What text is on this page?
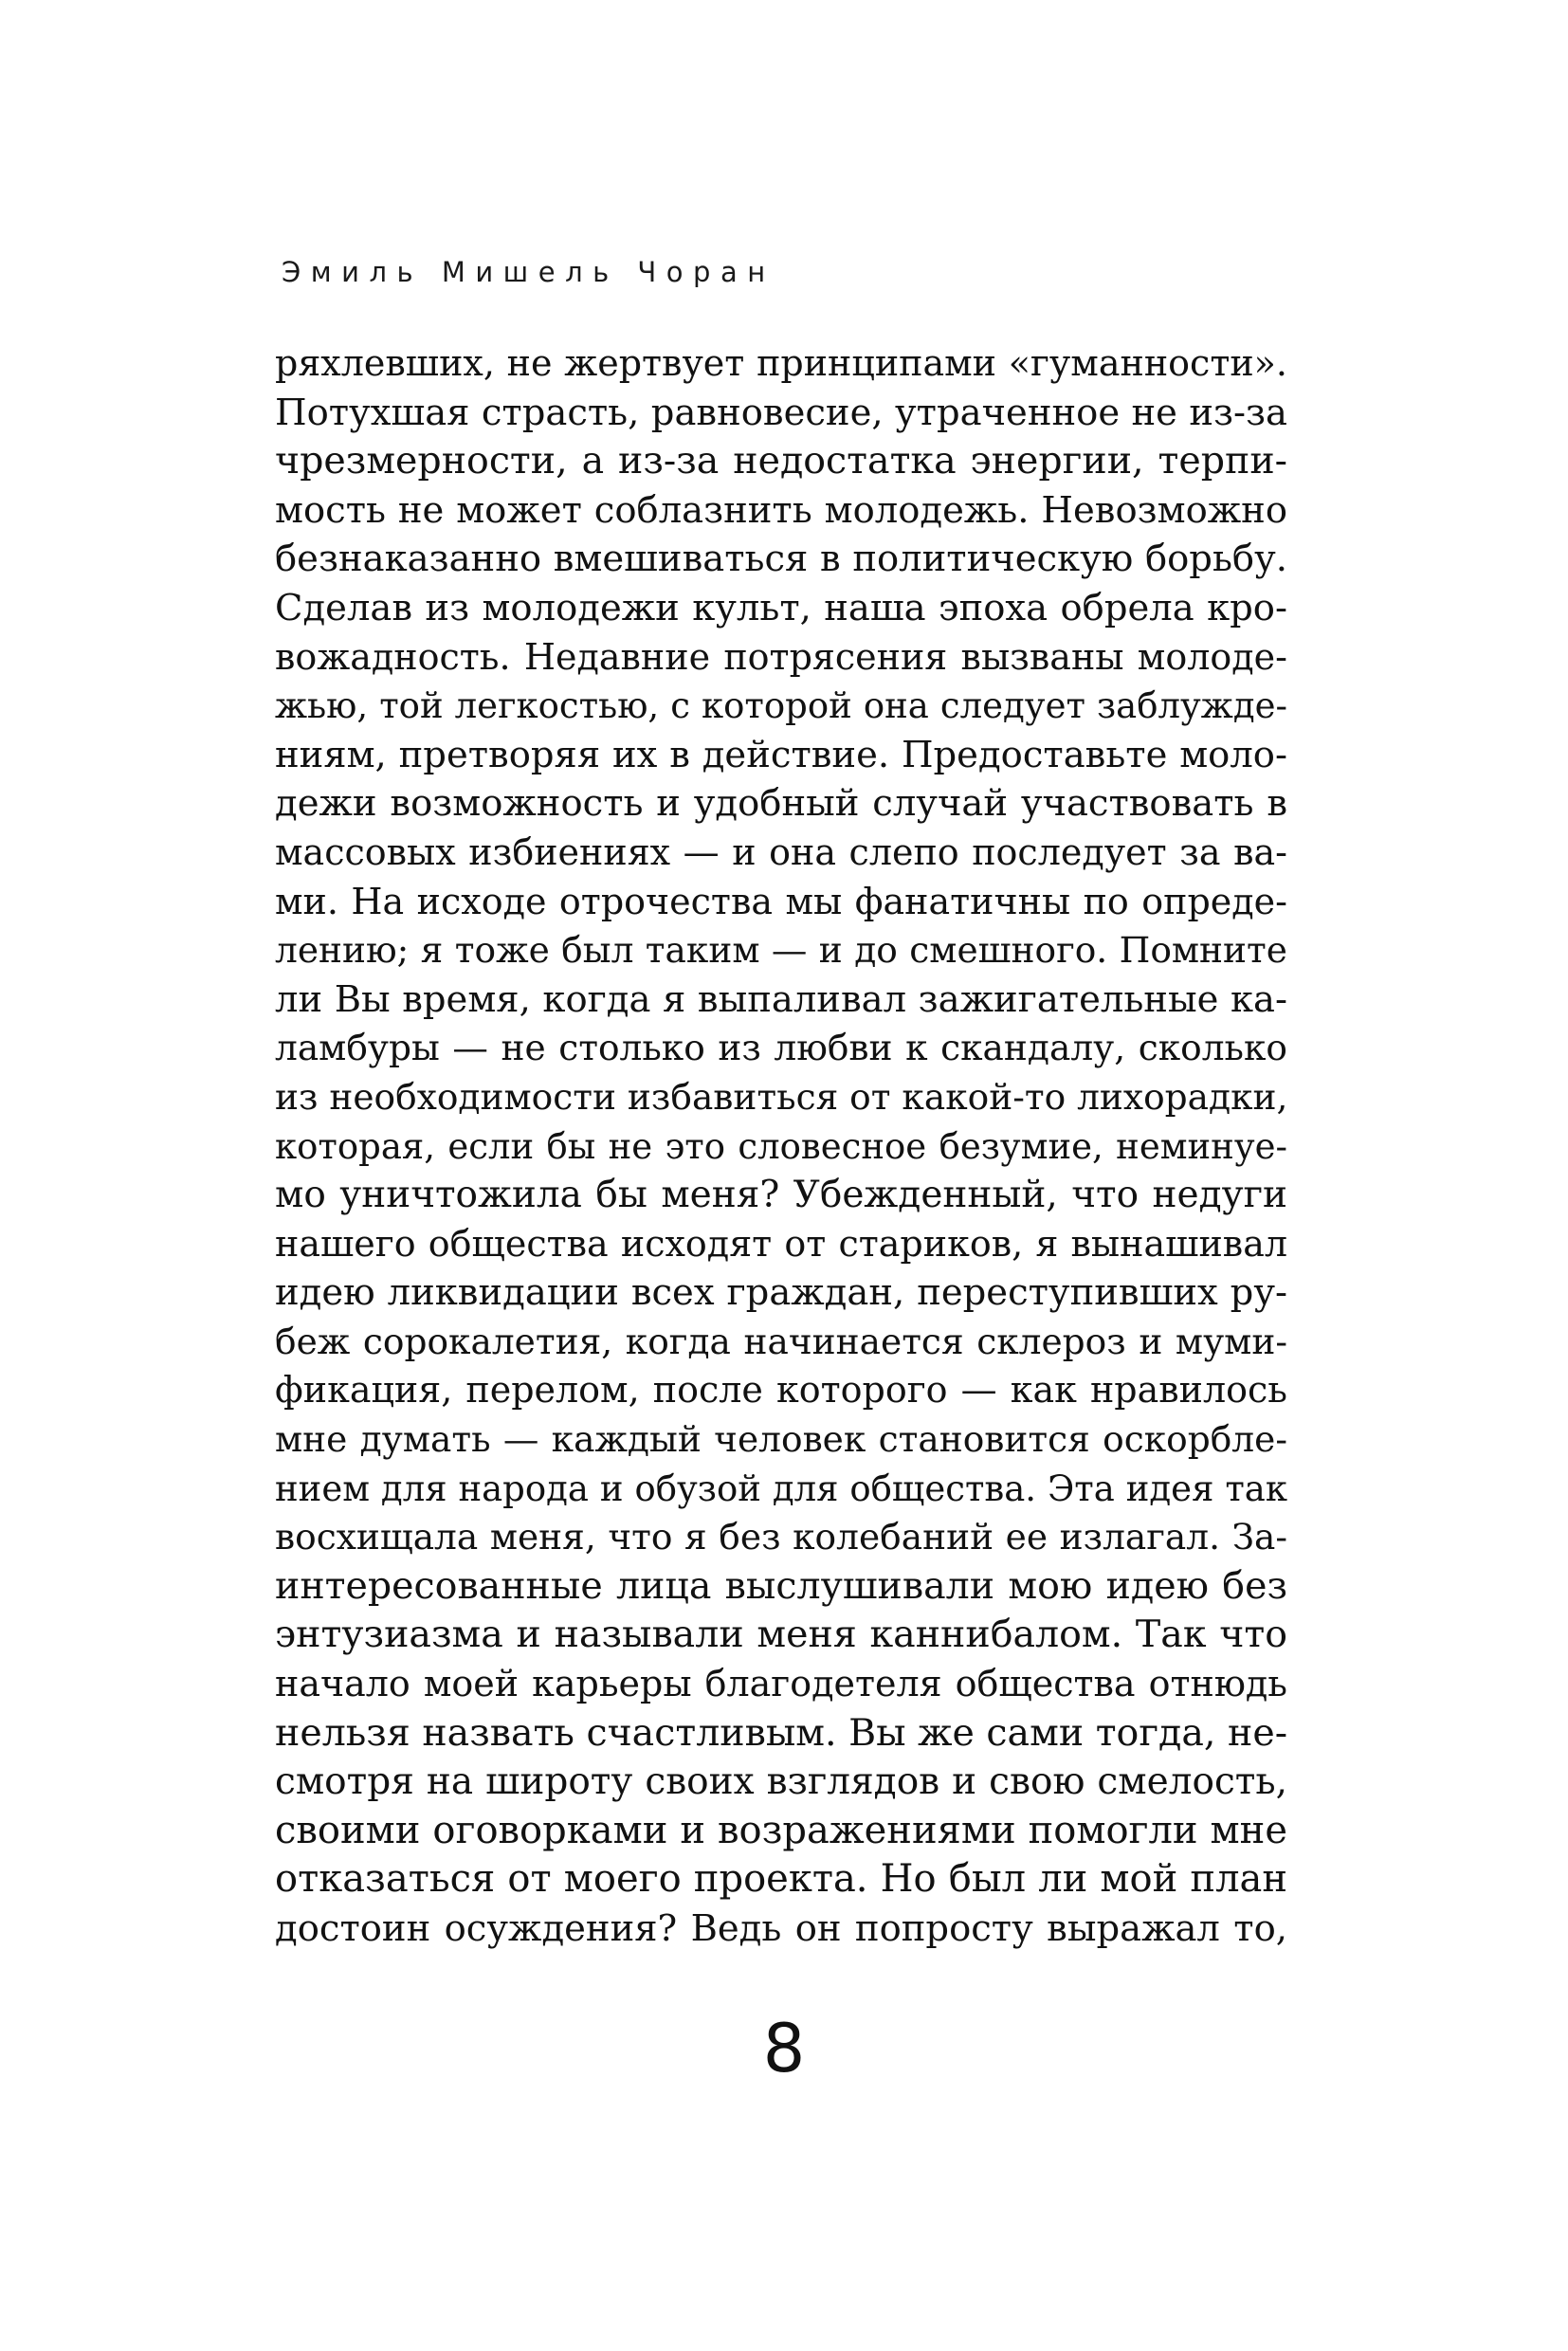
Эмиль Мишель Чоран
ряхлевших, не жертвует принципами «гуманности».
Потухшая страсть, равновесие, утраченное не из-за
чрезмерности, а из-за недостатка энергии, терпи-
мость не может соблазнить молодежь. Невозможно
безнаказанно вмешиваться в политическую борьбу.
Сделав из молодежи культ, наша эпоха обрела кро-
вожадность. Недавние потрясения вызваны молоде-
жью, той легкостью, с которой она следует заблужде-
ниям, претворяя их в действие. Предоставьте моло-
дежи возможность и удобный случай участвовать в
массовых избиениях — и она слепо последует за ва-
ми. На исходе отрочества мы фанатичны по опреде-
лению; я тоже был таким — и до смешного. Помните
ли Вы время, когда я выпаливал зажигательные ка-
ламбуры — не столько из любви к скандалу, сколько
из необходимости избавиться от какой-то лихорадки,
которая, если бы не это словесное безумие, неминуе-
мо уничтожила бы меня? Убежденный, что недуги
нашего общества исходят от стариков, я вынашивал
идею ликвидации всех граждан, переступивших ру-
беж сорокалетия, когда начинается склероз и муми-
фикация, перелом, после которого — как нравилось
мне думать — каждый человек становится оскорбле-
нием для народа и обузой для общества. Эта идея так
восхищала меня, что я без колебаний ее излагал. За-
интересованные лица выслушивали мою идею без
энтузиазма и называли меня каннибалом. Так что
начало моей карьеры благодетеля общества отнюдь
нельзя назвать счастливым. Вы же сами тогда, не-
смотря на широту своих взглядов и свою смелость,
своими оговорками и возражениями помогли мне
отказаться от моего проекта. Но был ли мой план
достоин осуждения? Ведь он попросту выражал то,
8
